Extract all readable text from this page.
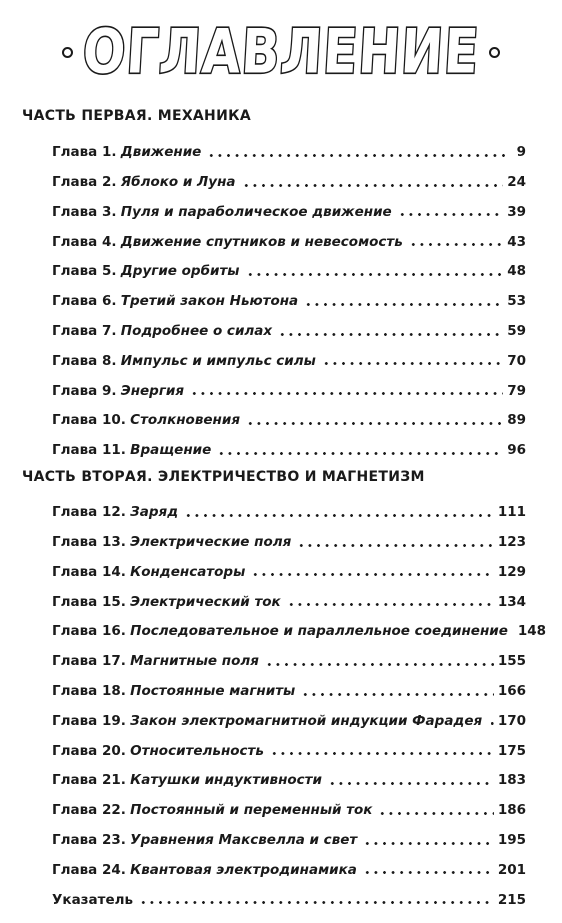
ОГЛАВЛЕНИЕ
ЧАСТЬ ПЕРВАЯ. МЕХАНИКА
Глава 1. Движение	9
Глава 2. Яблоко и Луна	24
Глава 3. Пуля и параболическое движение	39
Глава 4. Движение спутников и невесомость	43
Глава 5. Другие орбиты	48
Глава 6. Третий закон Ньютона	53
Глава 7. Подробнее о силах	59
Глава 8. Импульс и импульс силы	70
Глава 9. Энергия	79
Глава 10. Столкновения	89
Глава 11. Вращение	96
ЧАСТЬ ВТОРАЯ. ЭЛЕКТРИЧЕСТВО И МАГНЕТИЗМ
Глава 12. Заряд	111
Глава 13. Электрические поля	123
Глава 14. Конденсаторы	129
Глава 15. Электрический ток	134
Глава 16. Последовательное и параллельное соединение 148
Глава 17. Магнитные поля	155
Глава 18. Постоянные магниты	166
Глава 19. Закон электромагнитной индукции Фарадея 170
Глава 20. Относительность	175
Глава 21. Катушки индуктивности	183
Глава 22. Постоянный и переменный ток	186
Глава 23. Уравнения Максвелла и свет	195
Глава 24. Квантовая электродинамика	201
Указатель	215
